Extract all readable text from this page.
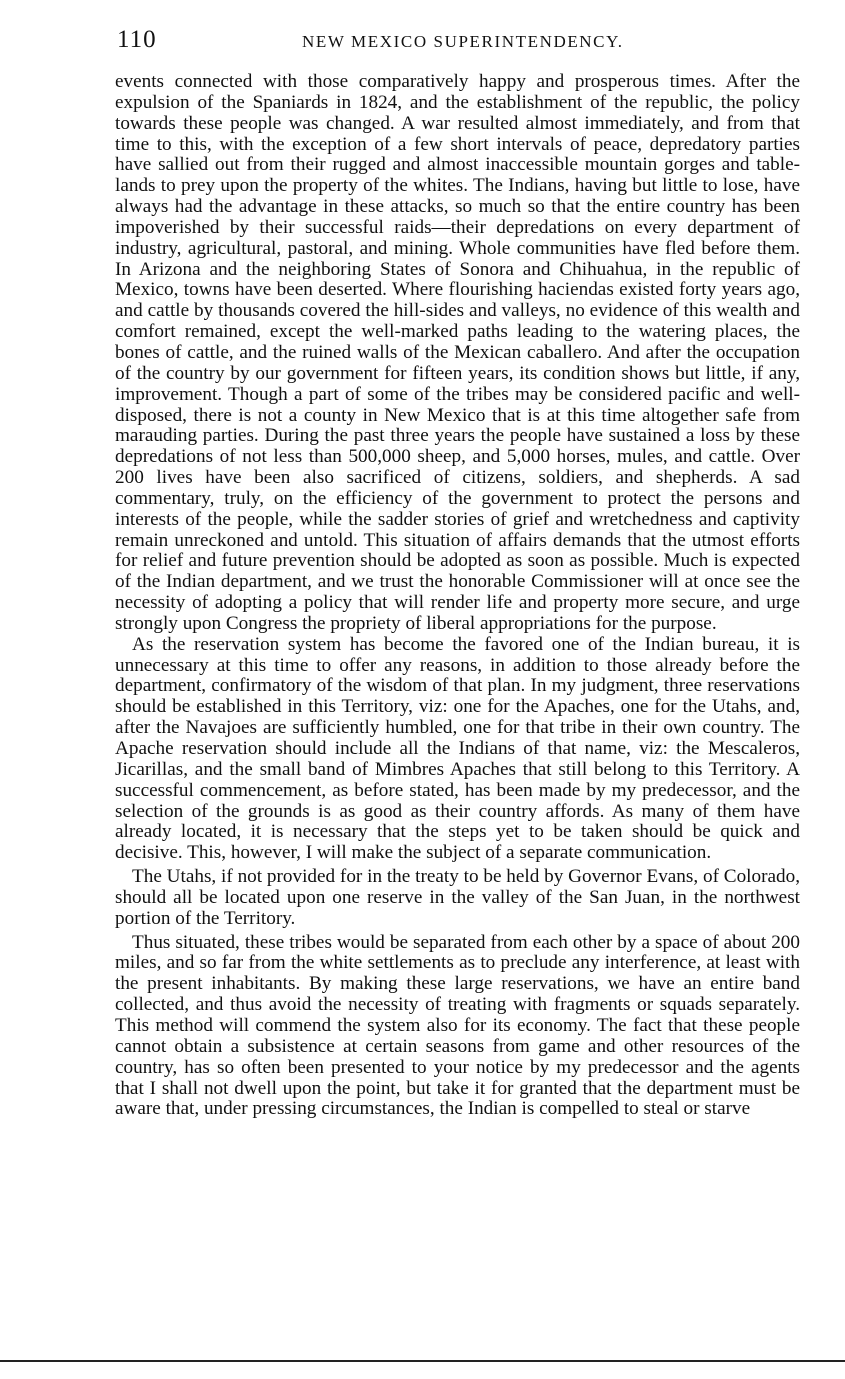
110	NEW MEXICO SUPERINTENDENCY.

events connected with those comparatively happy and prosperous times. After the expulsion of the Spaniards in 1824, and the establishment of the republic, the policy towards these people was changed. A war resulted almost immediately, and from that time to this, with the exception of a few short intervals of peace, depredatory parties have sallied out from their rugged and almost inaccessible mountain gorges and table-lands to prey upon the property of the whites. The Indians, having but little to lose, have always had the advantage in these attacks, so much so that the entire country has been impoverished by their successful raids—their depredations on every department of industry, agricultural, pastoral, and mining. Whole communities have fled before them. In Arizona and the neighboring States of Sonora and Chihuahua, in the republic of Mexico, towns have been deserted. Where flourishing haciendas existed forty years ago, and cattle by thousands covered the hill-sides and valleys, no evidence of this wealth and comfort remained, except the well-marked paths leading to the watering places, the bones of cattle, and the ruined walls of the Mexican caballero. And after the occupation of the country by our government for fifteen years, its condition shows but little, if any, improvement. Though a part of some of the tribes may be considered pacific and well-disposed, there is not a county in New Mexico that is at this time altogether safe from marauding parties. During the past three years the people have sustained a loss by these depredations of not less than 500,000 sheep, and 5,000 horses, mules, and cattle. Over 200 lives have been also sacrificed of citizens, soldiers, and shepherds. A sad commentary, truly, on the efficiency of the government to protect the persons and interests of the people, while the sadder stories of grief and wretchedness and captivity remain unreckoned and untold. This situation of affairs demands that the utmost efforts for relief and future prevention should be adopted as soon as possible. Much is expected of the Indian department, and we trust the honorable Commissioner will at once see the necessity of adopting a policy that will render life and property more secure, and urge strongly upon Congress the propriety of liberal appropriations for the purpose.

As the reservation system has become the favored one of the Indian bureau, it is unnecessary at this time to offer any reasons, in addition to those already before the department, confirmatory of the wisdom of that plan. In my judgment, three reservations should be established in this Territory, viz: one for the Apaches, one for the Utahs, and, after the Navajoes are sufficiently humbled, one for that tribe in their own country. The Apache reservation should include all the Indians of that name, viz: the Mescaleros, Jicarillas, and the small band of Mimbres Apaches that still belong to this Territory. A successful commencement, as before stated, has been made by my predecessor, and the selection of the grounds is as good as their country affords. As many of them have already located, it is necessary that the steps yet to be taken should be quick and decisive. This, however, I will make the subject of a separate communication.

The Utahs, if not provided for in the treaty to be held by Governor Evans, of Colorado, should all be located upon one reserve in the valley of the San Juan, in the northwest portion of the Territory.

Thus situated, these tribes would be separated from each other by a space of about 200 miles, and so far from the white settlements as to preclude any interference, at least with the present inhabitants. By making these large reservations, we have an entire band collected, and thus avoid the necessity of treating with fragments or squads separately. This method will commend the system also for its economy. The fact that these people cannot obtain a subsistence at certain seasons from game and other resources of the country, has so often been presented to your notice by my predecessor and the agents that I shall not dwell upon the point, but take it for granted that the department must be aware that, under pressing circumstances, the Indian is compelled to steal or starve
